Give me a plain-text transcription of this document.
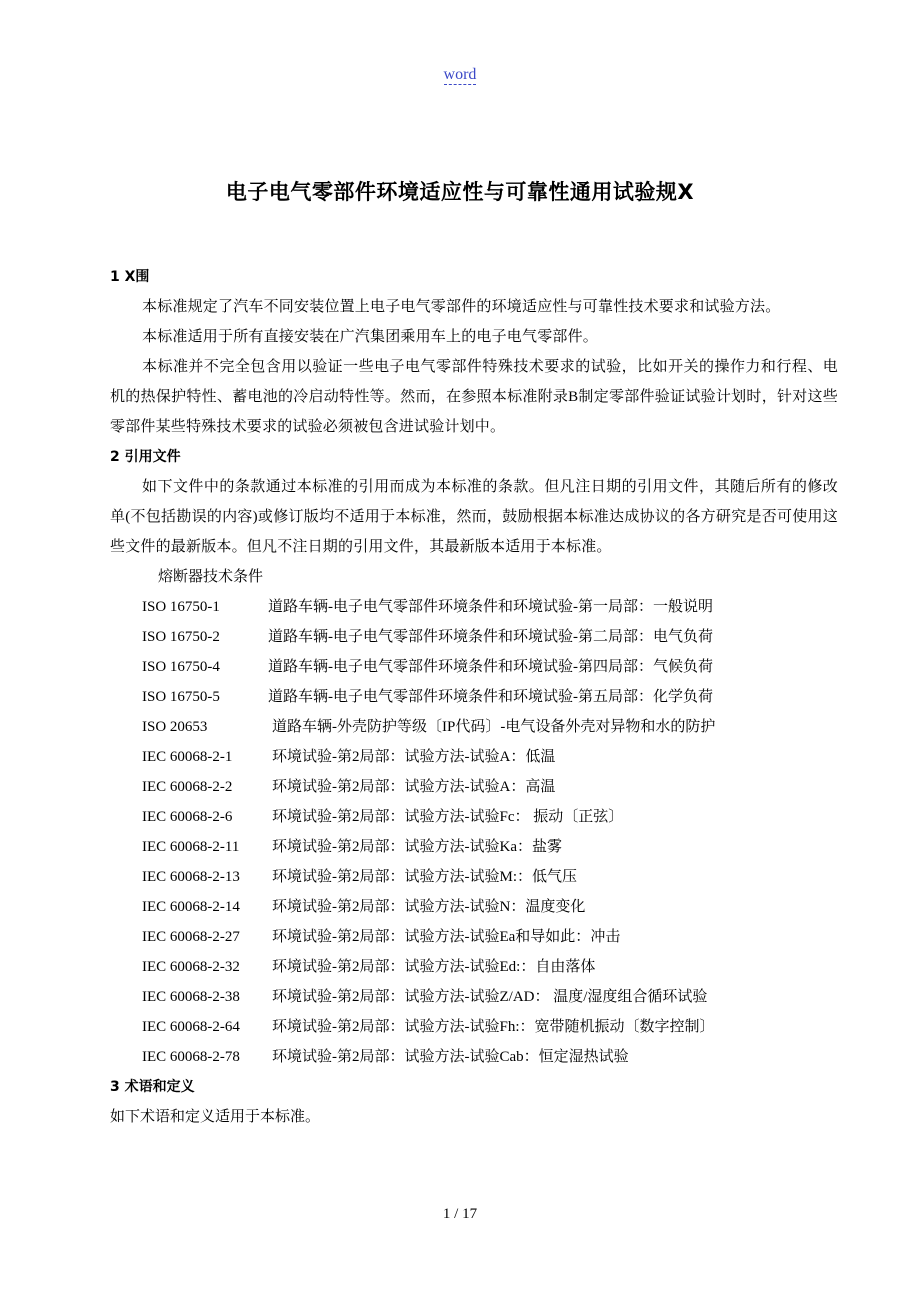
word
电子电气零部件环境适应性与可靠性通用试验规X
1 X围
本标准规定了汽车不同安装位置上电子电气零部件的环境适应性与可靠性技术要求和试验方法。
本标准适用于所有直接安装在广汽集团乘用车上的电子电气零部件。
本标准并不完全包含用以验证一些电子电气零部件特殊技术要求的试验，比如开关的操作力和行程、电机的热保护特性、蓄电池的冷启动特性等。然而，在参照本标准附录B制定零部件验证试验计划时，针对这些零部件某些特殊技术要求的试验必须被包含进试验计划中。
2 引用文件
如下文件中的条款通过本标准的引用而成为本标准的条款。但凡注日期的引用文件，其随后所有的修改单(不包括勘误的内容)或修订版均不适用于本标准，然而，鼓励根据本标准达成协议的各方研究是否可使用这些文件的最新版本。但凡不注日期的引用文件，其最新版本适用于本标准。
熔断器技术条件
ISO 16750-1	道路车辆-电子电气零部件环境条件和环境试验-第一局部：一般说明
ISO 16750-2	道路车辆-电子电气零部件环境条件和环境试验-第二局部：电气负荷
ISO 16750-4	道路车辆-电子电气零部件环境条件和环境试验-第四局部：气候负荷
ISO 16750-5	道路车辆-电子电气零部件环境条件和环境试验-第五局部：化学负荷
ISO 20653	道路车辆-外壳防护等级〔IP代码〕-电气设备外壳对异物和水的防护
IEC 60068-2-1	环境试验-第2局部：试验方法-试验A：低温
IEC 60068-2-2	环境试验-第2局部：试验方法-试验A：高温
IEC 60068-2-6	环境试验-第2局部：试验方法-试验Fc： 振动〔正弦〕
IEC 60068-2-11	环境试验-第2局部：试验方法-试验Ka：盐雾
IEC 60068-2-13	环境试验-第2局部：试验方法-试验M:：低气压
IEC 60068-2-14	环境试验-第2局部：试验方法-试验N：温度变化
IEC 60068-2-27	环境试验-第2局部：试验方法-试验Ea和导如此：冲击
IEC 60068-2-32	环境试验-第2局部：试验方法-试验Ed:：自由落体
IEC 60068-2-38	环境试验-第2局部：试验方法-试验Z/AD： 温度/湿度组合循环试验
IEC 60068-2-64	环境试验-第2局部：试验方法-试验Fh:：宽带随机振动〔数字控制〕
IEC 60068-2-78	环境试验-第2局部：试验方法-试验Cab：恒定湿热试验
3 术语和定义
如下术语和定义适用于本标准。
1 / 17
